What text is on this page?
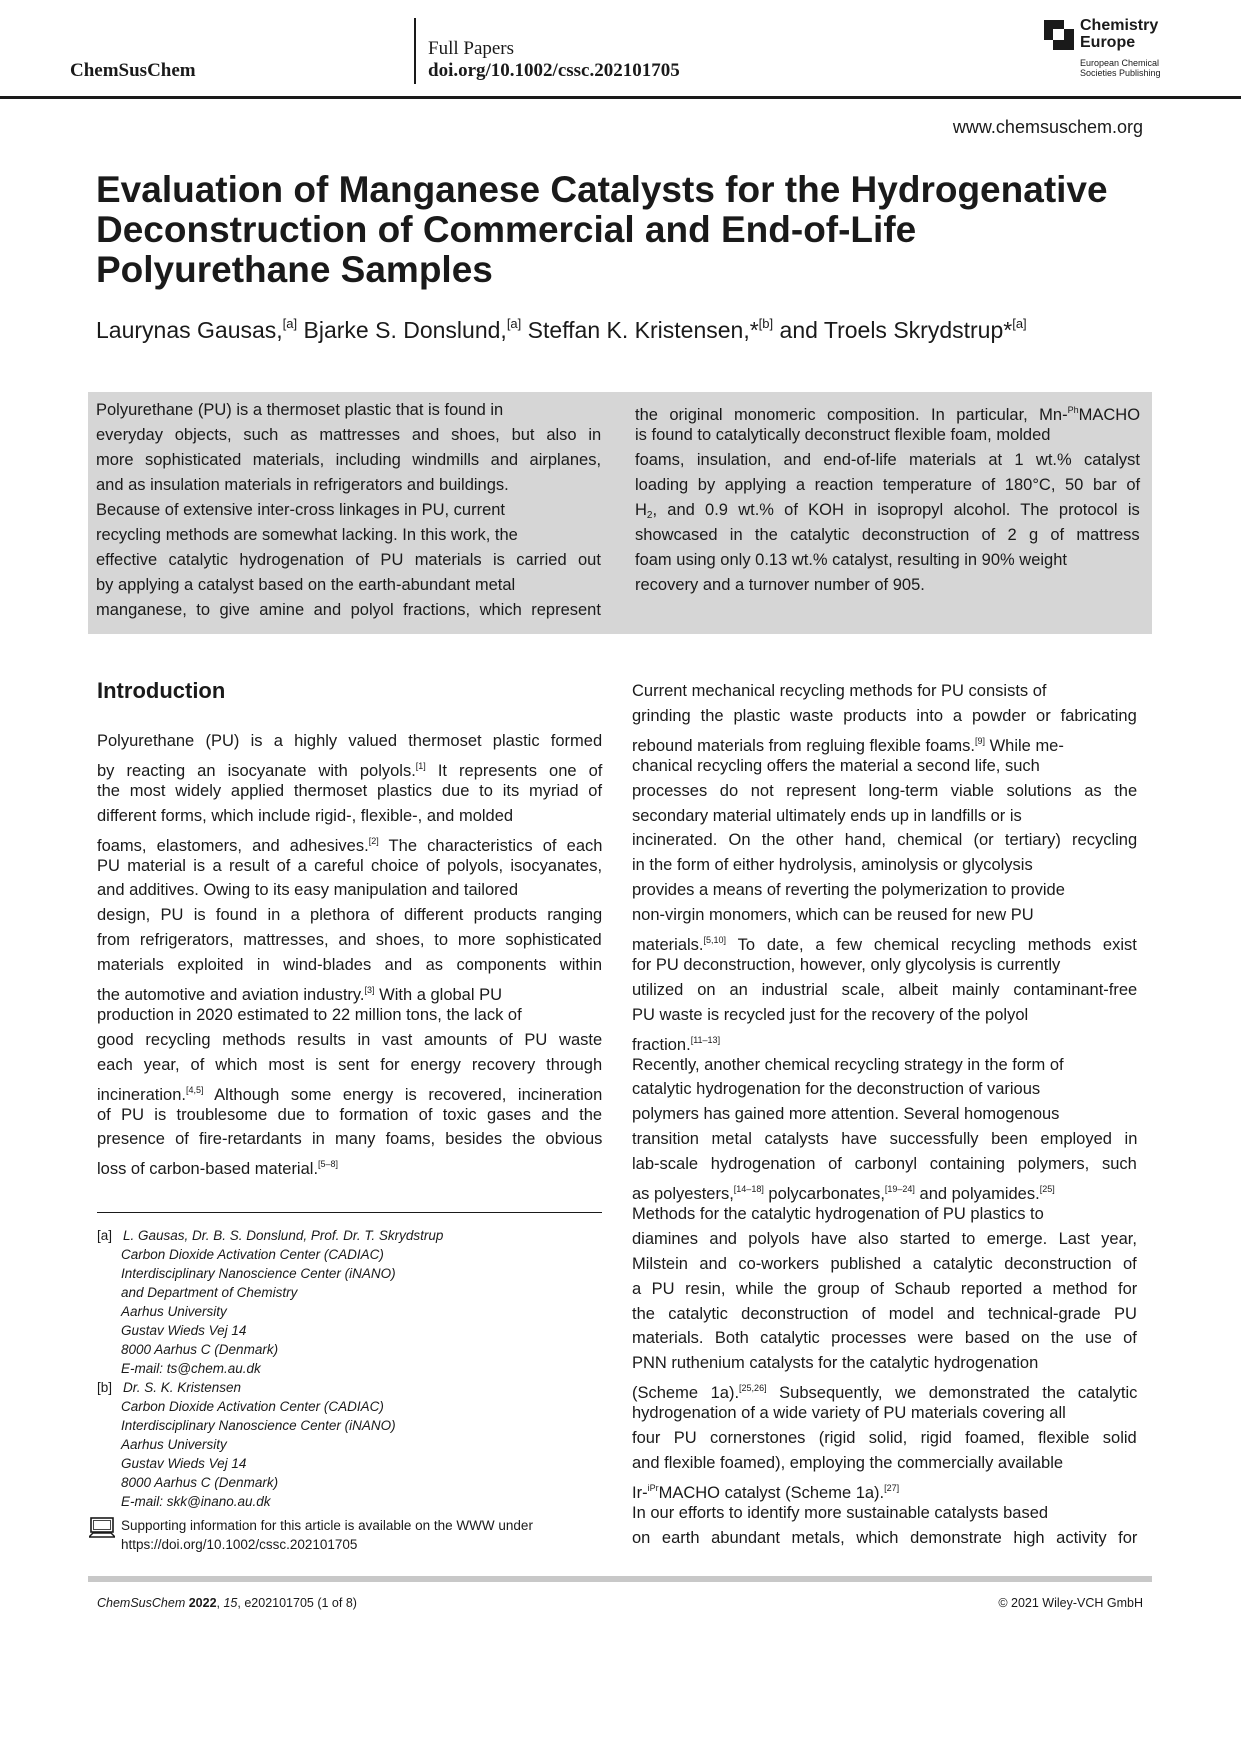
ChemSusChem
Full Papers
doi.org/10.1002/cssc.202101705
Chemistry
Europe
European Chemical
Societies Publishing
www.chemsuschem.org
Evaluation of Manganese Catalysts for the Hydrogenative
Deconstruction of Commercial and End-of-Life
Polyurethane Samples
Laurynas Gausas,[a] Bjarke S. Donslund,[a] Steffan K. Kristensen,*[b] and Troels Skrydstrup*[a]
Polyurethane (PU) is a thermoset plastic that is found in
everyday objects, such as mattresses and shoes, but also in
more sophisticated materials, including windmills and airplanes,
and as insulation materials in refrigerators and buildings.
Because of extensive inter-cross linkages in PU, current
recycling methods are somewhat lacking. In this work, the
effective catalytic hydrogenation of PU materials is carried out
by applying a catalyst based on the earth-abundant metal
manganese, to give amine and polyol fractions, which represent
the original monomeric composition. In particular, Mn-$^{Ph}$MACHO
is found to catalytically deconstruct flexible foam, molded
foams, insulation, and end-of-life materials at 1 wt.% catalyst
loading by applying a reaction temperature of 180°C, 50 bar of
$H_2$, and 0.9 wt.% of KOH in isopropyl alcohol. The protocol is
showcased in the catalytic deconstruction of 2 g of mattress
foam using only 0.13 wt.% catalyst, resulting in 90% weight
recovery and a turnover number of 905.
Introduction
Polyurethane (PU) is a highly valued thermoset plastic formed
by reacting an isocyanate with polyols.[1] It represents one of
the most widely applied thermoset plastics due to its myriad of
different forms, which include rigid-, flexible-, and molded
foams, elastomers, and adhesives.[2] The characteristics of each
PU material is a result of a careful choice of polyols, isocyanates,
and additives. Owing to its easy manipulation and tailored
design, PU is found in a plethora of different products ranging
from refrigerators, mattresses, and shoes, to more sophisticated
materials exploited in wind-blades and as components within
the automotive and aviation industry.[3] With a global PU
production in 2020 estimated to 22 million tons, the lack of
good recycling methods results in vast amounts of PU waste
each year, of which most is sent for energy recovery through
incineration.[4,5] Although some energy is recovered, incineration
of PU is troublesome due to formation of toxic gases and the
presence of fire-retardants in many foams, besides the obvious
loss of carbon-based material.[5–8]
Current mechanical recycling methods for PU consists of
grinding the plastic waste products into a powder or fabricating
rebound materials from regluing flexible foams.[9] While me-
chanical recycling offers the material a second life, such
processes do not represent long-term viable solutions as the
secondary material ultimately ends up in landfills or is
incinerated. On the other hand, chemical (or tertiary) recycling
in the form of either hydrolysis, aminolysis or glycolysis
provides a means of reverting the polymerization to provide
non-virgin monomers, which can be reused for new PU
materials.[5,10] To date, a few chemical recycling methods exist
for PU deconstruction, however, only glycolysis is currently
utilized on an industrial scale, albeit mainly contaminant-free
PU waste is recycled just for the recovery of the polyol
fraction.[11–13]
Recently, another chemical recycling strategy in the form of
catalytic hydrogenation for the deconstruction of various
polymers has gained more attention. Several homogenous
transition metal catalysts have successfully been employed in
lab-scale hydrogenation of carbonyl containing polymers, such
as polyesters,[14–18] polycarbonates,[19–24] and polyamides.[25]
Methods for the catalytic hydrogenation of PU plastics to
diamines and polyols have also started to emerge. Last year,
Milstein and co-workers published a catalytic deconstruction of
a PU resin, while the group of Schaub reported a method for
the catalytic deconstruction of model and technical-grade PU
materials. Both catalytic processes were based on the use of
PNN ruthenium catalysts for the catalytic hydrogenation
(Scheme 1a).[25,26] Subsequently, we demonstrated the catalytic
hydrogenation of a wide variety of PU materials covering all
four PU cornerstones (rigid solid, rigid foamed, flexible solid
and flexible foamed), employing the commercially available
Ir-$^{iPr}$MACHO catalyst (Scheme 1a).[27]
In our efforts to identify more sustainable catalysts based
on earth abundant metals, which demonstrate high activity for
[a] L. Gausas, Dr. B. S. Donslund, Prof. Dr. T. Skrydstrup
Carbon Dioxide Activation Center (CADIAC)
Interdisciplinary Nanoscience Center (iNANO)
and Department of Chemistry
Aarhus University
Gustav Wieds Vej 14
8000 Aarhus C (Denmark)
E-mail: ts@chem.au.dk
[b] Dr. S. K. Kristensen
Carbon Dioxide Activation Center (CADIAC)
Interdisciplinary Nanoscience Center (iNANO)
Aarhus University
Gustav Wieds Vej 14
8000 Aarhus C (Denmark)
E-mail: skk@inano.au.dk
Supporting information for this article is available on the WWW under
https://doi.org/10.1002/cssc.202101705
ChemSusChem 2022, 15, e202101705 (1 of 8)	© 2021 Wiley-VCH GmbH
